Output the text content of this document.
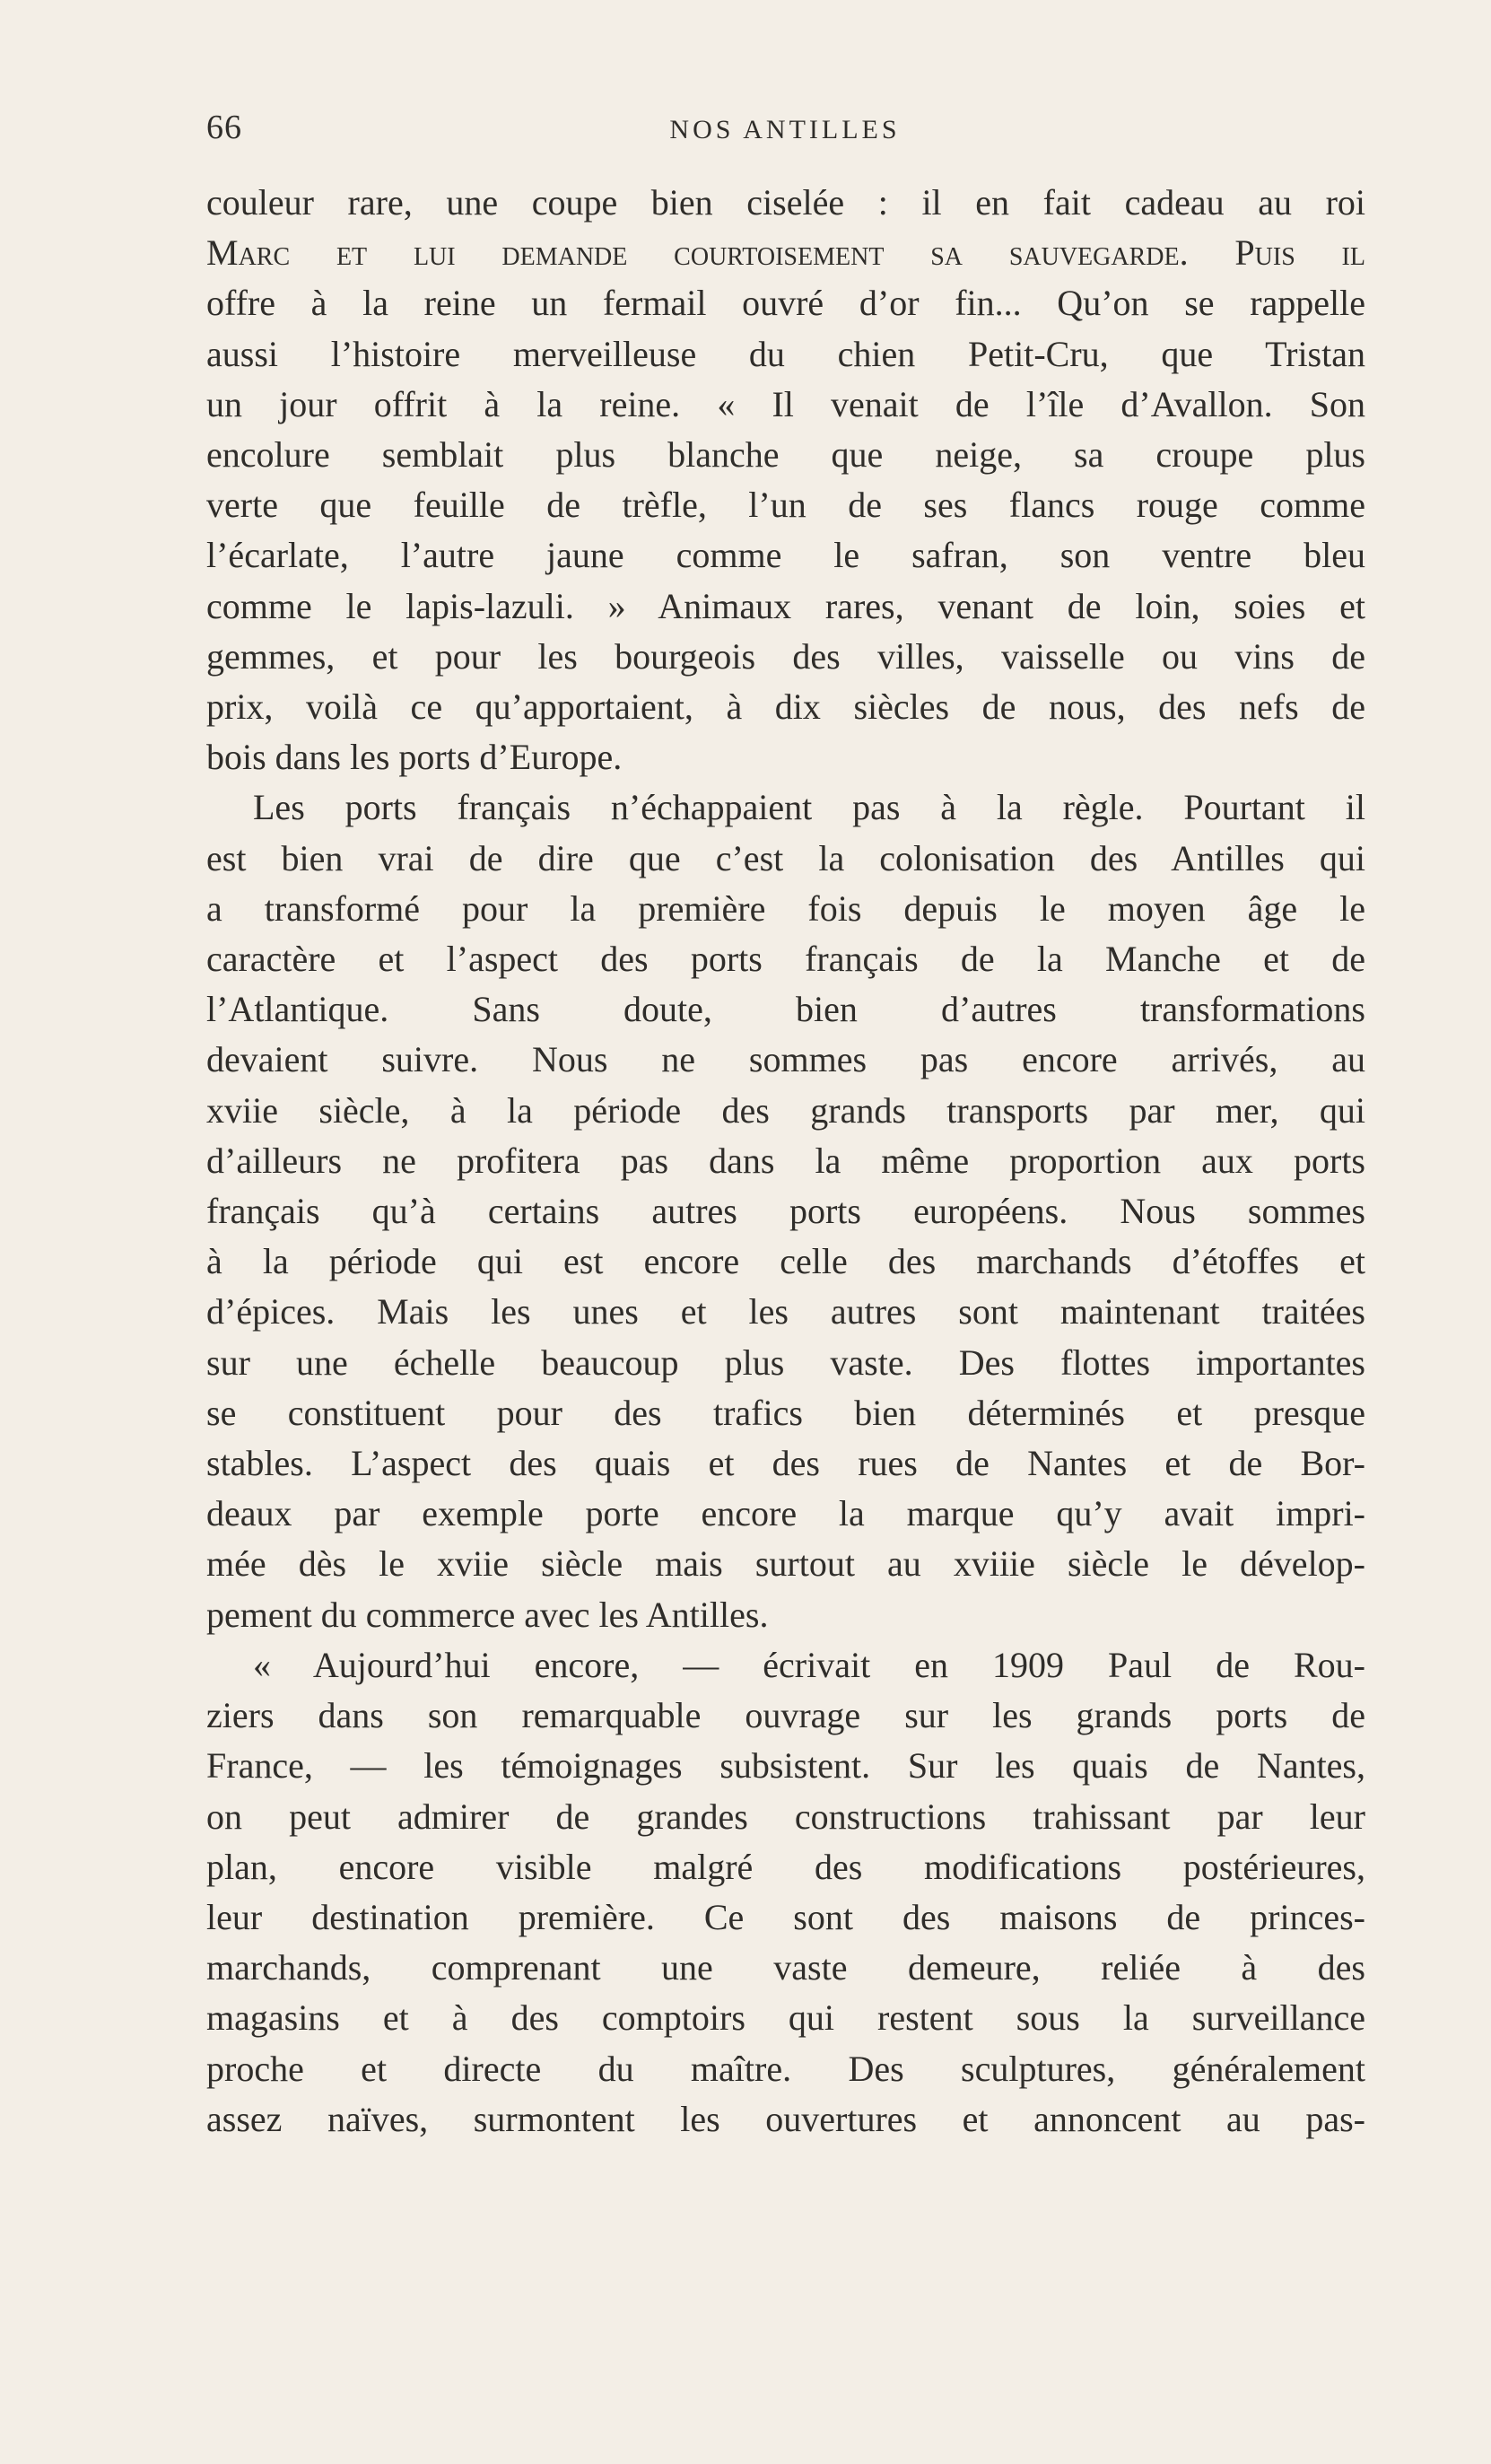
66	NOS ANTILLES
couleur rare, une coupe bien ciselée : il en fait cadeau au roi
Marc et lui demande courtoisement sa sauvegarde. Puis il
offre à la reine un fermail ouvré d’or fin... Qu’on se rappelle
aussi l’histoire merveilleuse du chien Petit-Cru, que Tristan
un jour offrit à la reine. « Il venait de l’île d’Avallon. Son
encolure semblait plus blanche que neige, sa croupe plus
verte que feuille de trèfle, l’un de ses flancs rouge comme
l’écarlate, l’autre jaune comme le safran, son ventre bleu
comme le lapis-lazuli. » Animaux rares, venant de loin, soies et
gemmes, et pour les bourgeois des villes, vaisselle ou vins de
prix, voilà ce qu’apportaient, à dix siècles de nous, des nefs de
bois dans les ports d’Europe.
Les ports français n’échappaient pas à la règle. Pourtant il
est bien vrai de dire que c’est la colonisation des Antilles qui
a transformé pour la première fois depuis le moyen âge le
caractère et l’aspect des ports français de la Manche et de
l’Atlantique. Sans doute, bien d’autres transformations
devaient suivre. Nous ne sommes pas encore arrivés, au
xviie siècle, à la période des grands transports par mer, qui
d’ailleurs ne profitera pas dans la même proportion aux ports
français qu’à certains autres ports européens. Nous sommes
à la période qui est encore celle des marchands d’étoffes et
d’épices. Mais les unes et les autres sont maintenant traitées
sur une échelle beaucoup plus vaste. Des flottes importantes
se constituent pour des trafics bien déterminés et presque
stables. L’aspect des quais et des rues de Nantes et de Bor-
deaux par exemple porte encore la marque qu’y avait impri-
mée dès le xviie siècle mais surtout au xviiie siècle le dévelop-
pement du commerce avec les Antilles.
« Aujourd’hui encore, — écrivait en 1909 Paul de Rou-
ziers dans son remarquable ouvrage sur les grands ports de
France, — les témoignages subsistent. Sur les quais de Nantes,
on peut admirer de grandes constructions trahissant par leur
plan, encore visible malgré des modifications postérieures,
leur destination première. Ce sont des maisons de princes-
marchands, comprenant une vaste demeure, reliée à des
magasins et à des comptoirs qui restent sous la surveillance
proche et directe du maître. Des sculptures, généralement
assez naïves, surmontent les ouvertures et annoncent au pas-
